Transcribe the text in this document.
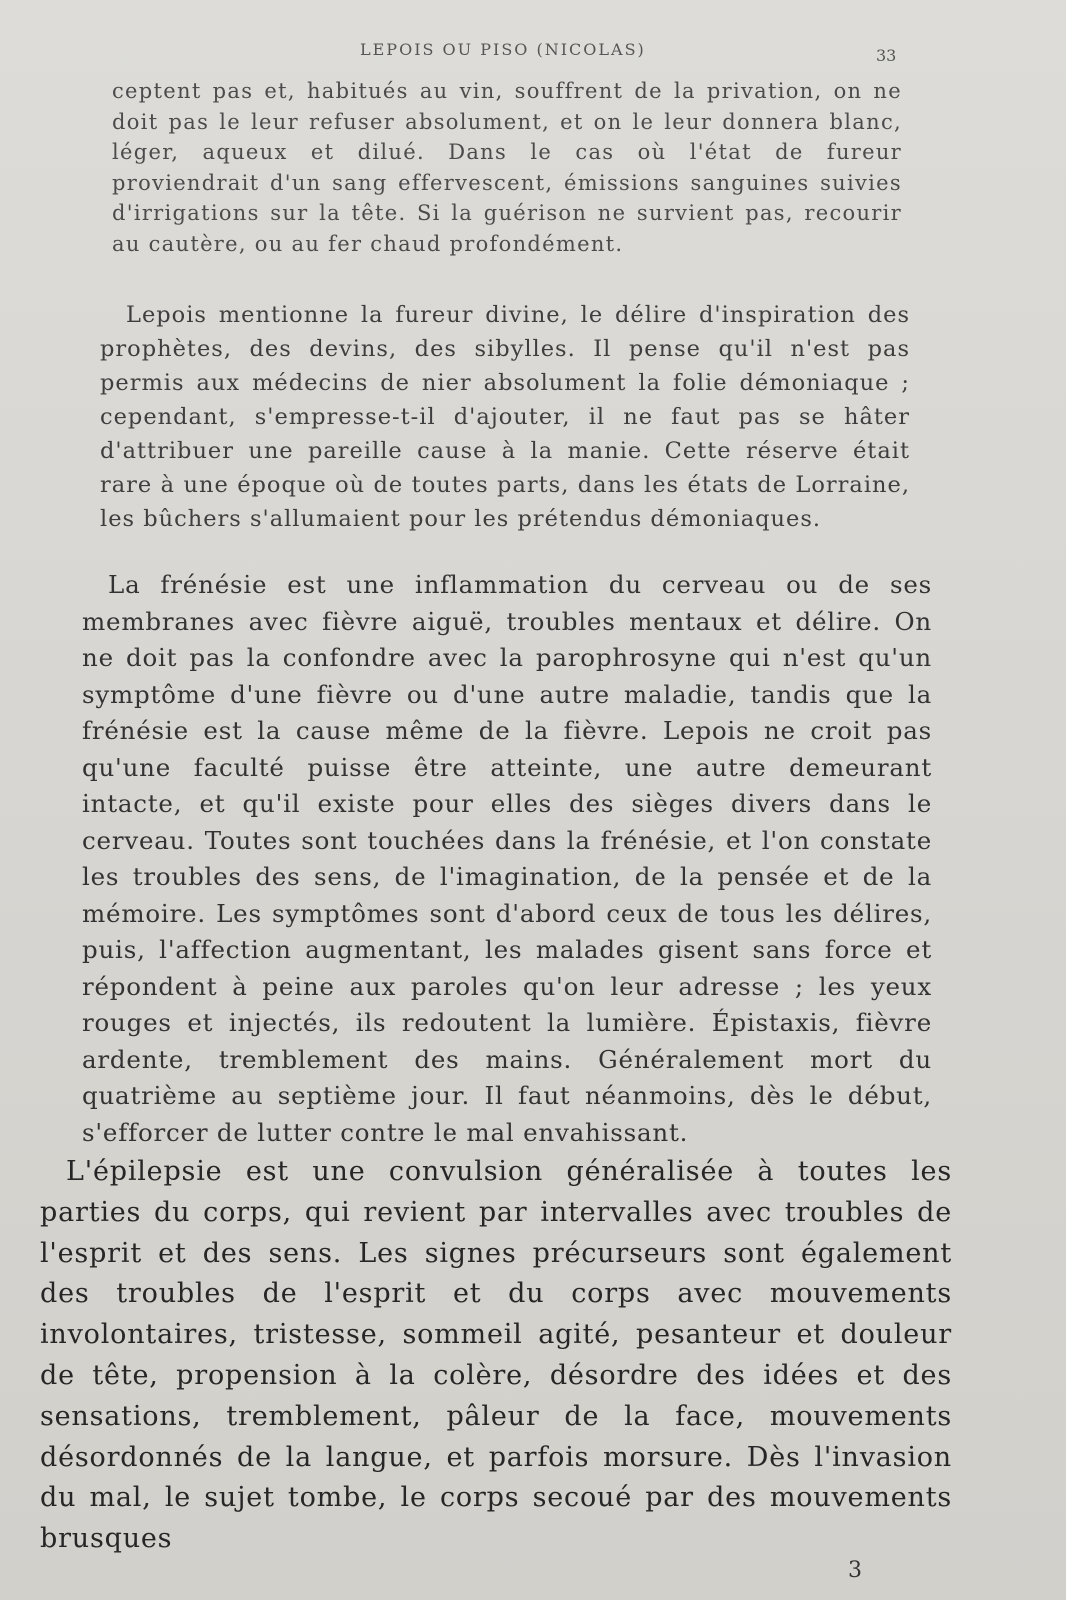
LEPOIS OU PISO (NICOLAS)	33

ceptent pas et, habitués au vin, souffrent de la privation, on ne doit pas le leur refuser absolument, et on le leur donnera blanc, léger, aqueux et dilué. Dans le cas où l'état de fureur proviendrait d'un sang effervescent, émissions sanguines suivies d'irrigations sur la tête. Si la guérison ne survient pas, recourir au cautère, ou au fer chaud profondément.

Lepois mentionne la fureur divine, le délire d'inspiration des prophètes, des devins, des sibylles. Il pense qu'il n'est pas permis aux médecins de nier absolument la folie démoniaque ; cependant, s'empresse-t-il d'ajouter, il ne faut pas se hâter d'attribuer une pareille cause à la manie. Cette réserve était rare à une époque où de toutes parts, dans les états de Lorraine, les bûchers s'allumaient pour les prétendus démoniaques.

La frénésie est une inflammation du cerveau ou de ses membranes avec fièvre aiguë, troubles mentaux et délire. On ne doit pas la confondre avec la parophrosyne qui n'est qu'un symptôme d'une fièvre ou d'une autre maladie, tandis que la frénésie est la cause même de la fièvre. Lepois ne croit pas qu'une faculté puisse être atteinte, une autre demeurant intacte, et qu'il existe pour elles des sièges divers dans le cerveau. Toutes sont touchées dans la frénésie, et l'on constate les troubles des sens, de l'imagination, de la pensée et de la mémoire. Les symptômes sont d'abord ceux de tous les délires, puis, l'affection augmentant, les malades gisent sans force et répondent à peine aux paroles qu'on leur adresse ; les yeux rouges et injectés, ils redoutent la lumière. Épistaxis, fièvre ardente, tremblement des mains. Généralement mort du quatrième au septième jour. Il faut néanmoins, dès le début, s'efforcer de lutter contre le mal envahissant.

L'épilepsie est une convulsion généralisée à toutes les parties du corps, qui revient par intervalles avec troubles de l'esprit et des sens. Les signes précurseurs sont également des troubles de l'esprit et du corps avec mouvements involontaires, tristesse, sommeil agité, pesanteur et douleur de tête, propension à la colère, désordre des idées et des sensations, tremblement, pâleur de la face, mouvements désordonnés de la langue, et parfois morsure. Dès l'invasion du mal, le sujet tombe, le corps secoué par des mouvements brusques

3
